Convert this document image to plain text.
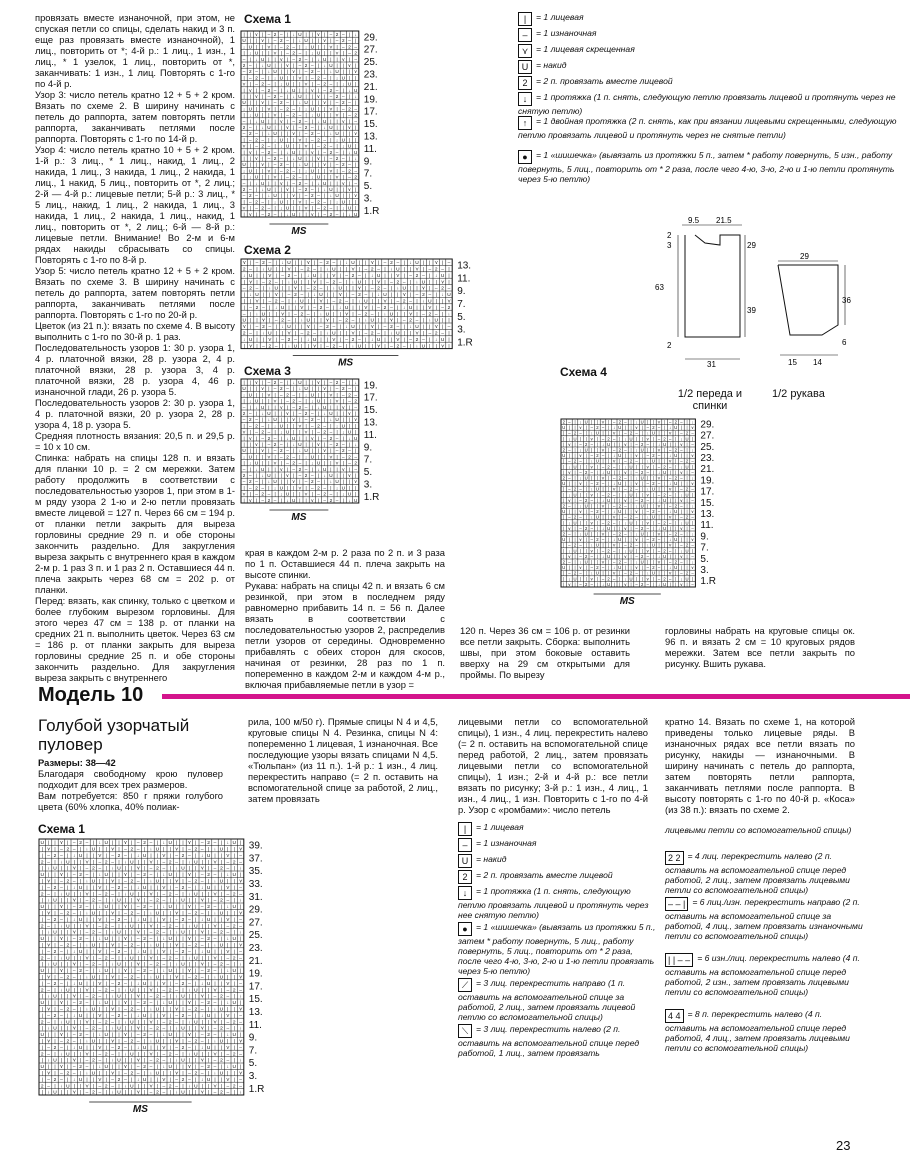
провязать вместе изнаночной, при этом, не спуская петли со спицы, сделать накид и 3 п. еще раз провязать вместе изнаночной), 1 лиц., повторить от *; 4-й р.: 1 лиц., 1 изн., 1 лиц., * 1 узелок, 1 лиц., повторить от *, заканчивать: 1 изн., 1 лиц. Повторять с 1-го по 4-й р.

Узор 3: число петель кратно 12 + 5 + 2 кром. Вязать по схеме 2. В ширину начинать с петель до раппорта, затем повторять петли раппорта, заканчивать петлями после раппорта. Повторять с 1-го по 14-й р.

Узор 4: число петель кратно 10 + 5 + 2 кром. 1-й р.: 3 лиц., * 1 лиц., накид, 1 лиц., 2 накида, 1 лиц., 3 накида, 1 лиц., 2 накида, 1 лиц., 1 накид, 5 лиц., повторить от *, 2 лиц.; 2-й — 4-й р.: лицевые петли; 5-й р.: 3 лиц., * 5 лиц., накид, 1 лиц., 2 накида, 1 лиц., 3 накида, 1 лиц., 2 накида, 1 лиц., накид, 1 лиц., повторить от *, 2 лиц.; 6-й — 8-й р.: лицевые петли. Внимание! Во 2-м и 6-м рядах накиды сбрасывать со спицы. Повторять с 1-го по 8-й р.

Узор 5: число петель кратно 12 + 5 + 2 кром. Вязать по схеме 3. В ширину начинать с петель до раппорта, затем повторять петли раппорта, заканчивать петлями после раппорта. Повторять с 1-го по 20-й р.

Цветок (из 21 п.): вязать по схеме 4. В высоту выполнить с 1-го по 30-й р. 1 раз.

Последовательность узоров 1: 30 р. узора 1, 4 р. платочной вязки, 28 р. узора 2, 4 р. платочной вязки, 28 р. узора 3, 4 р. платочной вязки, 28 р. узора 4, 46 р. изнаночной глади, 26 р. узора 5.

Последовательность узоров 2: 30 р. узора 1, 4 р. платочной вязки, 20 р. узора 2, 28 р. узора 4, 18 р. узора 5.

Средняя плотность вязания: 20,5 п. и 29,5 р. = 10 х 10 см.

Спинка: набрать на спицы 128 п. и вязать для планки 10 р. = 2 см мережки. Затем работу продолжить в соответствии с последовательностью узоров 1, при этом в 1-м ряду узора 2 1-ю и 2-ю петли провязать вместе лицевой = 127 п. Через 66 см = 194 р. от планки петли закрыть для выреза горловины средние 29 п. и обе стороны закончить раздельно. Для закругления выреза закрыть с внутреннего края в каждом 2-м р. 1 раз 3 п. и 1 раз 2 п. Оставшиеся 44 п. плеча закрыть через 68 см = 202 р. от планки.

Перед: вязать, как спинку, только с цветком и более глубоким вырезом горловины. Для этого через 47 см = 138 р. от планки на средних 21 п. выполнить цветок. Через 63 см = 186 р. от планки закрыть для выреза горловины средние 25 п. и обе стороны закончить раздельно. Для закругления выреза закрыть с внутреннего

Схема 1
| | ⋎ | – 2 – | ↓ U | | ⋎ | – 2 – | ↓
U | | ⋎ | – 2 – | ↓ U | | ⋎ | – 2 – |
↓ U | | ⋎ | – 2 – | ↓ U | | ⋎ | – 2 –
| ↓ U | | ⋎ | – 2 – | ↓ U | | ⋎ | – 2
– | ↓ U | | ⋎ | – 2 – | ↓ U | | ⋎ | –
2 – | ↓ U | | ⋎ | – 2 – | ↓ U | | ⋎ |
– 2 – | ↓ U | | ⋎ | – 2 – | ↓ U | | ⋎
| – 2 – | ↓ U | | ⋎ | – 2 – | ↓ U | |
⋎ | – 2 – | ↓ U | | ⋎ | – 2 – | ↓ U |
| ⋎ | – 2 – | ↓ U | | ⋎ | – 2 – | ↓ U
| | ⋎ | – 2 – | ↓ U | | ⋎ | – 2 – | ↓
U | | ⋎ | – 2 – | ↓ U | | ⋎ | – 2 – |
↓ U | | ⋎ | – 2 – | ↓ U | | ⋎ | – 2 –
| ↓ U | | ⋎ | – 2 – | ↓ U | | ⋎ | – 2
– | ↓ U | | ⋎ | – 2 – | ↓ U | | ⋎ | –
2 – | ↓ U | | ⋎ | – 2 – | ↓ U | | ⋎ |
– 2 – | ↓ U | | ⋎ | – 2 – | ↓ U | | ⋎
| – 2 – | ↓ U | | ⋎ | – 2 – | ↓ U | |
⋎ | – 2 – | ↓ U | | ⋎ | – 2 – | ↓ U |
| ⋎ | – 2 – | ↓ U | | ⋎ | – 2 – | ↓ U
| | ⋎ | – 2 – | ↓ U | | ⋎ | – 2 – | ↓
U | | ⋎ | – 2 – | ↓ U | | ⋎ | – 2 – |
↓ U | | ⋎ | – 2 – | ↓ U | | ⋎ | – 2 –
| ↓ U | | ⋎ | – 2 – | ↓ U | | ⋎ | – 2
– | ↓ U | | ⋎ | – 2 – | ↓ U | | ⋎ | –
2 – | ↓ U | | ⋎ | – 2 – | ↓ U | | ⋎ |
– 2 – | ↓ U | | ⋎ | – 2 – | ↓ U | | ⋎
| – 2 – | ↓ U | | ⋎ | – 2 – | ↓ U | |
⋎ | – 2 – | ↓ U | | ⋎ | – 2 – | ↓ U |
| ⋎ | – 2 – | ↓ U | | ⋎ | – 2 – | ↓ U
29.
27.
25.
23.
21.
19.
17.
15.
13.
11.
9.
7.
5.
3.
1.R
MS
Схема 2
⋎ | – 2 – | ↓ U | | ⋎ | – 2 – | ↓ U | | ⋎ | – 2 – | ↓ U | | ⋎ | –
2 – | ↓ U | | ⋎ | – 2 – | ↓ U | | ⋎ | – 2 – | ↓ U | | ⋎ | – 2 – |
↓ U | | ⋎ | – 2 – | ↓ U | | ⋎ | – 2 – | ↓ U | | ⋎ | – 2 – | ↓ U |
| ⋎ | – 2 – | ↓ U | | ⋎ | – 2 – | ↓ U | | ⋎ | – 2 – | ↓ U | | ⋎ |
– 2 – | ↓ U | | ⋎ | – 2 – | ↓ U | | ⋎ | – 2 – | ↓ U | | ⋎ | – 2 –
| ↓ U | | ⋎ | – 2 – | ↓ U | | ⋎ | – 2 – | ↓ U | | ⋎ | – 2 – | ↓ U
| | ⋎ | – 2 – | ↓ U | | ⋎ | – 2 – | ↓ U | | ⋎ | – 2 – | ↓ U | | ⋎
| – 2 – | ↓ U | | ⋎ | – 2 – | ↓ U | | ⋎ | – 2 – | ↓ U | | ⋎ | – 2
– | ↓ U | | ⋎ | – 2 – | ↓ U | | ⋎ | – 2 – | ↓ U | | ⋎ | – 2 – | ↓
U | | ⋎ | – 2 – | ↓ U | | ⋎ | – 2 – | ↓ U | | ⋎ | – 2 – | ↓ U | |
⋎ | – 2 – | ↓ U | | ⋎ | – 2 – | ↓ U | | ⋎ | – 2 – | ↓ U | | ⋎ | –
2 – | ↓ U | | ⋎ | – 2 – | ↓ U | | ⋎ | – 2 – | ↓ U | | ⋎ | – 2 – |
↓ U | | ⋎ | – 2 – | ↓ U | | ⋎ | – 2 – | ↓ U | | ⋎ | – 2 – | ↓ U |
| ⋎ | – 2 – | ↓ U | | ⋎ | – 2 – | ↓ U | | ⋎ | – 2 – | ↓ U | | ⋎ |
13.
11.
9.
7.
5.
3.
1.R
MS
Схема 3
| | ⋎ | – 2 – | ↓ U | | ⋎ | – 2 – | ↓
U | | ⋎ | – 2 – | ↓ U | | ⋎ | – 2 – |
↓ U | | ⋎ | – 2 – | ↓ U | | ⋎ | – 2 –
| ↓ U | | ⋎ | – 2 – | ↓ U | | ⋎ | – 2
– | ↓ U | | ⋎ | – 2 – | ↓ U | | ⋎ | –
2 – | ↓ U | | ⋎ | – 2 – | ↓ U | | ⋎ |
– 2 – | ↓ U | | ⋎ | – 2 – | ↓ U | | ⋎
| – 2 – | ↓ U | | ⋎ | – 2 – | ↓ U | |
⋎ | – 2 – | ↓ U | | ⋎ | – 2 – | ↓ U |
| ⋎ | – 2 – | ↓ U | | ⋎ | – 2 – | ↓ U
| | ⋎ | – 2 – | ↓ U | | ⋎ | – 2 – | ↓
U | | ⋎ | – 2 – | ↓ U | | ⋎ | – 2 – |
↓ U | | ⋎ | – 2 – | ↓ U | | ⋎ | – 2 –
| ↓ U | | ⋎ | – 2 – | ↓ U | | ⋎ | – 2
– | ↓ U | | ⋎ | – 2 – | ↓ U | | ⋎ | –
2 – | ↓ U | | ⋎ | – 2 – | ↓ U | | ⋎ |
– 2 – | ↓ U | | ⋎ | – 2 – | ↓ U | | ⋎
| – 2 – | ↓ U | | ⋎ | – 2 – | ↓ U | |
⋎ | – 2 – | ↓ U | | ⋎ | – 2 – | ↓ U |
| ⋎ | – 2 – | ↓ U | | ⋎ | – 2 – | ↓ U
19.
17.
15.
13.
11.
9.
7.
5.
3.
1.R
MS
Схема 4
2 – | ↓ U | | ⋎ | – 2 – | ↓ U | | ⋎ | – 2 – | ↓
U | | ⋎ | – 2 – | ↓ U | | ⋎ | – 2 – | ↓ U | | ⋎
| – 2 – | ↓ U | | ⋎ | – 2 – | ↓ U | | ⋎ | – 2 –
| ↓ U | | ⋎ | – 2 – | ↓ U | | ⋎ | – 2 – | ↓ U |
| ⋎ | – 2 – | ↓ U | | ⋎ | – 2 – | ↓ U | | ⋎ | –
2 – | ↓ U | | ⋎ | – 2 – | ↓ U | | ⋎ | – 2 – | ↓
U | | ⋎ | – 2 – | ↓ U | | ⋎ | – 2 – | ↓ U | | ⋎
| – 2 – | ↓ U | | ⋎ | – 2 – | ↓ U | | ⋎ | – 2 –
| ↓ U | | ⋎ | – 2 – | ↓ U | | ⋎ | – 2 – | ↓ U |
| ⋎ | – 2 – | ↓ U | | ⋎ | – 2 – | ↓ U | | ⋎ | –
2 – | ↓ U | | ⋎ | – 2 – | ↓ U | | ⋎ | – 2 – | ↓
U | | ⋎ | – 2 – | ↓ U | | ⋎ | – 2 – | ↓ U | | ⋎
| – 2 – | ↓ U | | ⋎ | – 2 – | ↓ U | | ⋎ | – 2 –
| ↓ U | | ⋎ | – 2 – | ↓ U | | ⋎ | – 2 – | ↓ U |
| ⋎ | – 2 – | ↓ U | | ⋎ | – 2 – | ↓ U | | ⋎ | –
2 – | ↓ U | | ⋎ | – 2 – | ↓ U | | ⋎ | – 2 – | ↓
U | | ⋎ | – 2 – | ↓ U | | ⋎ | – 2 – | ↓ U | | ⋎
| – 2 – | ↓ U | | ⋎ | – 2 – | ↓ U | | ⋎ | – 2 –
| ↓ U | | ⋎ | – 2 – | ↓ U | | ⋎ | – 2 – | ↓ U |
| ⋎ | – 2 – | ↓ U | | ⋎ | – 2 – | ↓ U | | ⋎ | –
2 – | ↓ U | | ⋎ | – 2 – | ↓ U | | ⋎ | – 2 – | ↓
U | | ⋎ | – 2 – | ↓ U | | ⋎ | – 2 – | ↓ U | | ⋎
| – 2 – | ↓ U | | ⋎ | – 2 – | ↓ U | | ⋎ | – 2 –
| ↓ U | | ⋎ | – 2 – | ↓ U | | ⋎ | – 2 – | ↓ U |
| ⋎ | – 2 – | ↓ U | | ⋎ | – 2 – | ↓ U | | ⋎ | –
2 – | ↓ U | | ⋎ | – 2 – | ↓ U | | ⋎ | – 2 – | ↓
U | | ⋎ | – 2 – | ↓ U | | ⋎ | – 2 – | ↓ U | | ⋎
| – 2 – | ↓ U | | ⋎ | – 2 – | ↓ U | | ⋎ | – 2 –
| ↓ U | | ⋎ | – 2 – | ↓ U | | ⋎ | – 2 – | ↓ U |
| ⋎ | – 2 – | ↓ U | | ⋎ | – 2 – | ↓ U | | ⋎ | –
29.
27.
25.
23.
21.
19.
17.
15.
13.
11.
9.
7.
5.
3.
1.R
MS
| = 1 лицевая
– = 1 изнаночная
⋎ = 1 лицевая скрещенная
U = накид
2 = 2 п. провязать вместе лицевой
↓ = 1 протяжка (1 п. снять, следующую петлю провязать лицевой и протянуть через не снятую петлю)
↑ = 1 двойная протяжка (2 п. снять, как при вязании лицевыми скрещенными, следующую петлю провязать лицевой и протянуть через не снятые петли)
● = 1 «шишечка» (вывязать из протяжки 5 п., затем * работу повернуть, 5 изн., работу повернуть, 5 лиц., повторить от * 2 раза, после чего 4-ю, 3-ю, 2-ю и 1-ю петли протянуть через 5-ю петлю)
9.5 21.5
2
3	29
63
39
2
31
29
36
6
15 14
1/2 переда и спинки
1/2 рукава
края в каждом 2-м р. 2 раза по 2 п. и 3 раза по 1 п. Оставшиеся 44 п. плеча закрыть на высоте спинки.
Рукава: набрать на спицы 42 п. и вязать 6 см резинкой, при этом в последнем ряду равномерно прибавить 14 п. = 56 п. Далее вязать в соответствии с последовательностью узоров 2, распределив петли узоров от середины. Одновременно прибавлять с обеих сторон для скосов, начиная от резинки, 28 раз по 1 п. попеременно в каждом 2-м и каждом 4-м р., включая прибавляемые петли в узор =
120 п. Через 36 см = 106 р. от резинки все петли закрыть. Сборка: выполнить швы, при этом боковые оставить вверху на 29 см открытыми для проймы. По вырезу
горловины набрать на круговые спицы ок. 96 п. и вязать 2 см = 10 круговых рядов мережки. Затем все петли закрыть по рисунку. Вшить рукава.
Модель 10
Голубой узорчатый пуловер

Размеры: 38—42

Благодаря свободному крою пуловер подходит для всех трех размеров.

Вам потребуется: 850 г пряжи голубого цвета (60% хлопка, 40% полиак-

рила, 100 м/50 г). Прямые спицы N 4 и 4,5, круговые спицы N 4. Резинка, спицы N 4: попеременно 1 лицевая, 1 изнаночная. Все последующие узоры вязать спицами N 4,5. «Тюльпан» (из 11 п.). 1-й р.: 1 изн., 4 лиц. перекрестить направо (= 2 п. оставить на вспомогательной спице за работой, 2 лиц., затем провязать
лицевыми петли со вспомогательной спицы), 1 изн., 4 лиц. перекрестить налево (= 2 п. оставить на вспомогательной спице перед работой, 2 лиц., затем провязать лицевыми петли со вспомогательной спицы), 1 изн.; 2-й и 4-й р.: все петли вязать по рисунку; 3-й р.: 1 изн., 4 лиц., 1 изн., 4 лиц., 1 изн. Повторить с 1-го по 4-й р. Узор с «ромбами»: число петель
кратно 14. Вязать по схеме 1, на которой приведены только лицевые ряды. В изнаночных рядах все петли вязать по рисунку, накиды — изнаночными. В ширину начинать с петель до раппорта, затем повторять петли раппорта, заканчивать петлями после раппорта. В высоту повторять с 1-го по 40-й р. «Коса» (из 38 п.): вязать по схеме 2.
Схема 1
U | | ⋎ | – 2 – | ↓ U | | ⋎ | – 2 – | ↓ U | | ⋎ | – 2 – | ↓ U |
| ⋎ | – 2 – | ↓ U | | ⋎ | – 2 – | ↓ U | | ⋎ | – 2 – | ↓ U | | ⋎
| – 2 – | ↓ U | | ⋎ | – 2 – | ↓ U | | ⋎ | – 2 – | ↓ U | | ⋎ | –
2 – | ↓ U | | ⋎ | – 2 – | ↓ U | | ⋎ | – 2 – | ↓ U | | ⋎ | – 2 –
| ↓ U | | ⋎ | – 2 – | ↓ U | | ⋎ | – 2 – | ↓ U | | ⋎ | – 2 – | ↓
U | | ⋎ | – 2 – | ↓ U | | ⋎ | – 2 – | ↓ U | | ⋎ | – 2 – | ↓ U |
| ⋎ | – 2 – | ↓ U | | ⋎ | – 2 – | ↓ U | | ⋎ | – 2 – | ↓ U | | ⋎
| – 2 – | ↓ U | | ⋎ | – 2 – | ↓ U | | ⋎ | – 2 – | ↓ U | | ⋎ | –
2 – | ↓ U | | ⋎ | – 2 – | ↓ U | | ⋎ | – 2 – | ↓ U | | ⋎ | – 2 –
| ↓ U | | ⋎ | – 2 – | ↓ U | | ⋎ | – 2 – | ↓ U | | ⋎ | – 2 – | ↓
U | | ⋎ | – 2 – | ↓ U | | ⋎ | – 2 – | ↓ U | | ⋎ | – 2 – | ↓ U |
| ⋎ | – 2 – | ↓ U | | ⋎ | – 2 – | ↓ U | | ⋎ | – 2 – | ↓ U | | ⋎
| – 2 – | ↓ U | | ⋎ | – 2 – | ↓ U | | ⋎ | – 2 – | ↓ U | | ⋎ | –
2 – | ↓ U | | ⋎ | – 2 – | ↓ U | | ⋎ | – 2 – | ↓ U | | ⋎ | – 2 –
| ↓ U | | ⋎ | – 2 – | ↓ U | | ⋎ | – 2 – | ↓ U | | ⋎ | – 2 – | ↓
U | | ⋎ | – 2 – | ↓ U | | ⋎ | – 2 – | ↓ U | | ⋎ | – 2 – | ↓ U |
| ⋎ | – 2 – | ↓ U | | ⋎ | – 2 – | ↓ U | | ⋎ | – 2 – | ↓ U | | ⋎
| – 2 – | ↓ U | | ⋎ | – 2 – | ↓ U | | ⋎ | – 2 – | ↓ U | | ⋎ | –
2 – | ↓ U | | ⋎ | – 2 – | ↓ U | | ⋎ | – 2 – | ↓ U | | ⋎ | – 2 –
| ↓ U | | ⋎ | – 2 – | ↓ U | | ⋎ | – 2 – | ↓ U | | ⋎ | – 2 – | ↓
U | | ⋎ | – 2 – | ↓ U | | ⋎ | – 2 – | ↓ U | | ⋎ | – 2 – | ↓ U |
| ⋎ | – 2 – | ↓ U | | ⋎ | – 2 – | ↓ U | | ⋎ | – 2 – | ↓ U | | ⋎
| – 2 – | ↓ U | | ⋎ | – 2 – | ↓ U | | ⋎ | – 2 – | ↓ U | | ⋎ | –
2 – | ↓ U | | ⋎ | – 2 – | ↓ U | | ⋎ | – 2 – | ↓ U | | ⋎ | – 2 –
| ↓ U | | ⋎ | – 2 – | ↓ U | | ⋎ | – 2 – | ↓ U | | ⋎ | – 2 – | ↓
U | | ⋎ | – 2 – | ↓ U | | ⋎ | – 2 – | ↓ U | | ⋎ | – 2 – | ↓ U |
| ⋎ | – 2 – | ↓ U | | ⋎ | – 2 – | ↓ U | | ⋎ | – 2 – | ↓ U | | ⋎
| – 2 – | ↓ U | | ⋎ | – 2 – | ↓ U | | ⋎ | – 2 – | ↓ U | | ⋎ | –
2 – | ↓ U | | ⋎ | – 2 – | ↓ U | | ⋎ | – 2 – | ↓ U | | ⋎ | – 2 –
| ↓ U | | ⋎ | – 2 – | ↓ U | | ⋎ | – 2 – | ↓ U | | ⋎ | – 2 – | ↓
U | | ⋎ | – 2 – | ↓ U | | ⋎ | – 2 – | ↓ U | | ⋎ | – 2 – | ↓ U |
| ⋎ | – 2 – | ↓ U | | ⋎ | – 2 – | ↓ U | | ⋎ | – 2 – | ↓ U | | ⋎
| – 2 – | ↓ U | | ⋎ | – 2 – | ↓ U | | ⋎ | – 2 – | ↓ U | | ⋎ | –
2 – | ↓ U | | ⋎ | – 2 – | ↓ U | | ⋎ | – 2 – | ↓ U | | ⋎ | – 2 –
| ↓ U | | ⋎ | – 2 – | ↓ U | | ⋎ | – 2 – | ↓ U | | ⋎ | – 2 – | ↓
U | | ⋎ | – 2 – | ↓ U | | ⋎ | – 2 – | ↓ U | | ⋎ | – 2 – | ↓ U |
| ⋎ | – 2 – | ↓ U | | ⋎ | – 2 – | ↓ U | | ⋎ | – 2 – | ↓ U | | ⋎
| – 2 – | ↓ U | | ⋎ | – 2 – | ↓ U | | ⋎ | – 2 – | ↓ U | | ⋎ | –
2 – | ↓ U | | ⋎ | – 2 – | ↓ U | | ⋎ | – 2 – | ↓ U | | ⋎ | – 2 –
| ↓ U | | ⋎ | – 2 – | ↓ U | | ⋎ | – 2 – | ↓ U | | ⋎ | – 2 – | ↓
39.
37.
35.
33.
31.
29.
27.
25.
23.
21.
19.
17.
15.
13.
11.
9.
7.
5.
3.
1.R
MS
| = 1 лицевая
– = 1 изнаночная
U = накид
2 = 2 п. провязать вместе лицевой
↓ = 1 протяжка (1 п. снять, следующую петлю провязать лицевой и протянуть через нее снятую петлю)
● = 1 «шишечка» (вывязать из протяжки 5 п., затем * работу повернуть, 5 лиц., работу повернуть, 5 лиц., повторить от * 2 раза, после чего 4-ю, 3-ю, 2-ю и 1-ю петли провязать через 5-ю петлю)
⟋ = 3 лиц. перекрестить направо (1 п. оставить на вспомогательной спице за работой, 2 лиц., затем провязать лицевой петлю со вспомогательной спицы)
⟍ = 3 лиц. перекрестить налево (2 п. оставить на вспомогательной спице перед работой, 1 лиц., затем провязать
лицевыми петли со вспомогательной спицы)
2 2 = 4 лиц. перекрестить налево (2 п. оставить на вспомогательной спице перед работой, 2 лиц., затем провязать лицевыми петли со вспомогательной спицы)
– – | = 6 лиц./изн. перекрестить направо (2 п. оставить на вспомогательной спице за работой, 4 лиц., затем провязать изнаночными петли со вспомогательной спицы)
| | – – = 6 изн./лиц. перекрестить налево (4 п. оставить на вспомогательной спице перед работой, 2 изн., затем провязать лицевыми петли со вспомогательной спицы)
4 4 = 8 п. перекрестить налево (4 п. оставить на вспомогательной спице перед работой, 4 лиц., затем провязать лицевыми петли со вспомогательной спицы)
23
